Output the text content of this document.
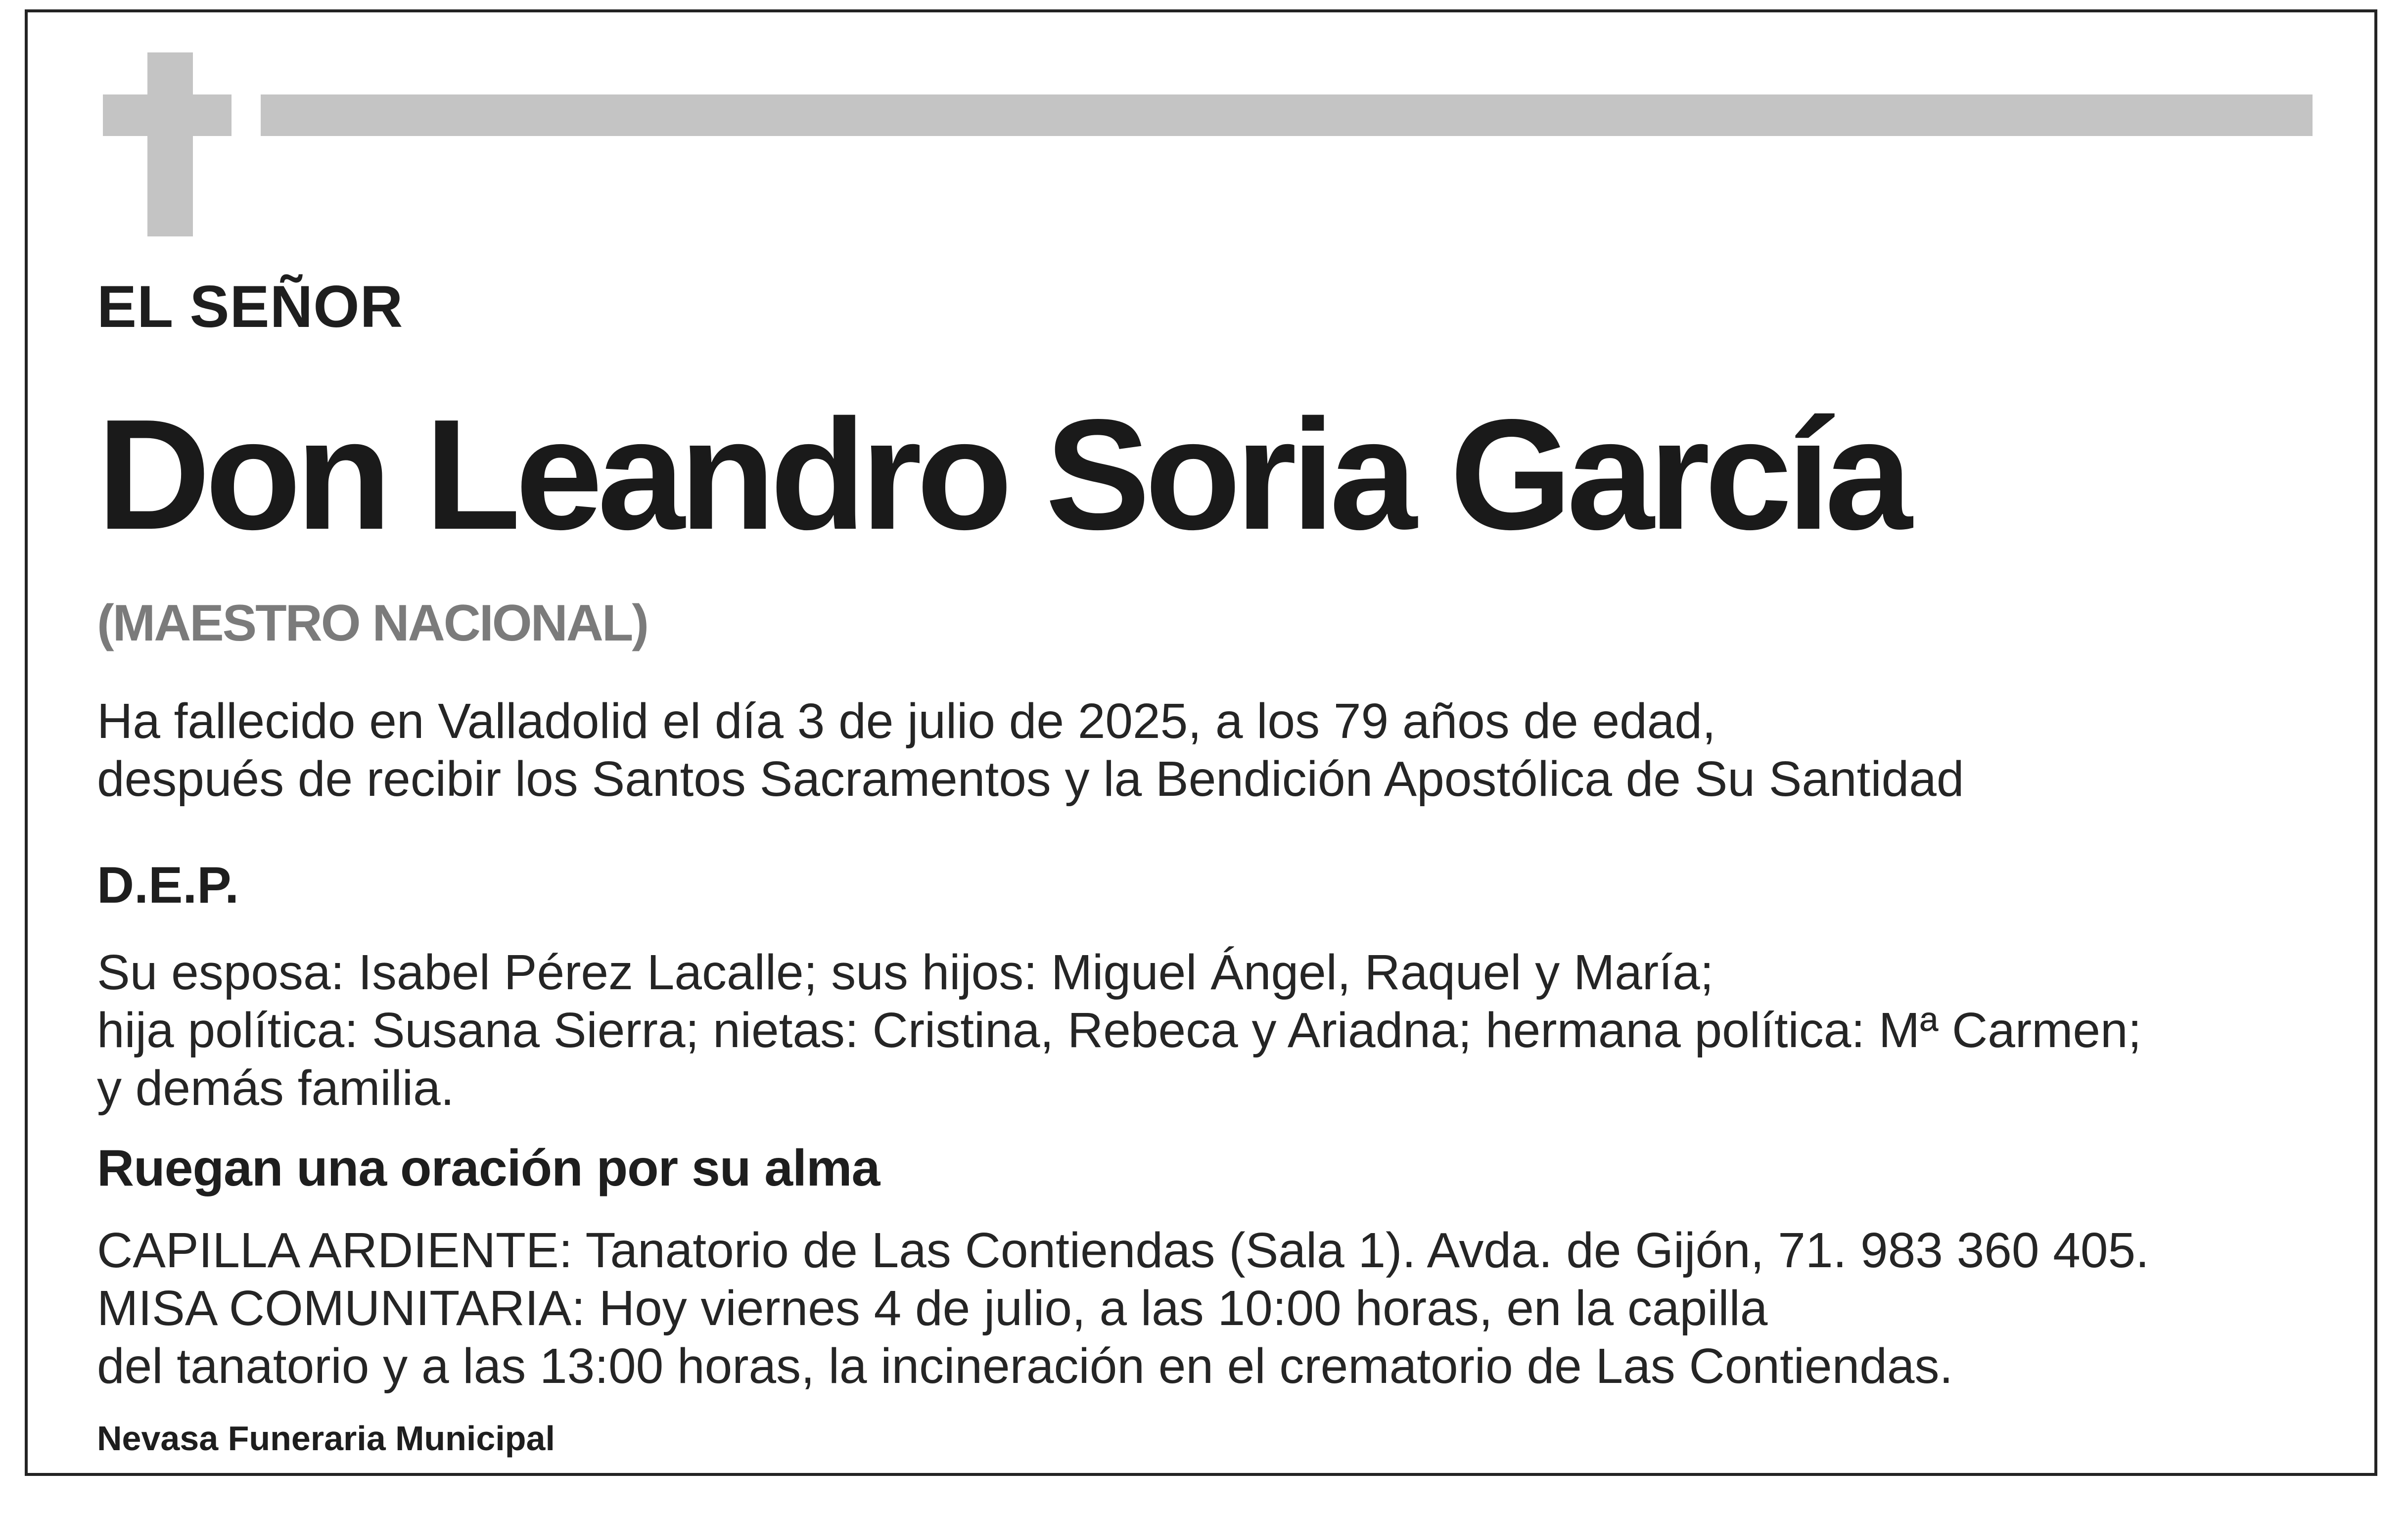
EL SEÑOR

Don Leandro Soria García

(MAESTRO NACIONAL)

Ha fallecido en Valladolid el día 3 de julio de 2025, a los 79 años de edad,
después de recibir los Santos Sacramentos y la Bendición Apostólica de Su Santidad

D.E.P.

Su esposa: Isabel Pérez Lacalle; sus hijos: Miguel Ángel, Raquel y María;
hija política: Susana Sierra; nietas: Cristina, Rebeca y Ariadna; hermana política: Mª Carmen;
y demás familia.

Ruegan una oración por su alma

CAPILLA ARDIENTE: Tanatorio de Las Contiendas (Sala 1). Avda. de Gijón, 71. 983 360 405.
MISA COMUNITARIA: Hoy viernes 4 de julio, a las 10:00 horas, en la capilla
del tanatorio y a las 13:00 horas, la incineración en el crematorio de Las Contiendas.

Nevasa Funeraria Municipal
